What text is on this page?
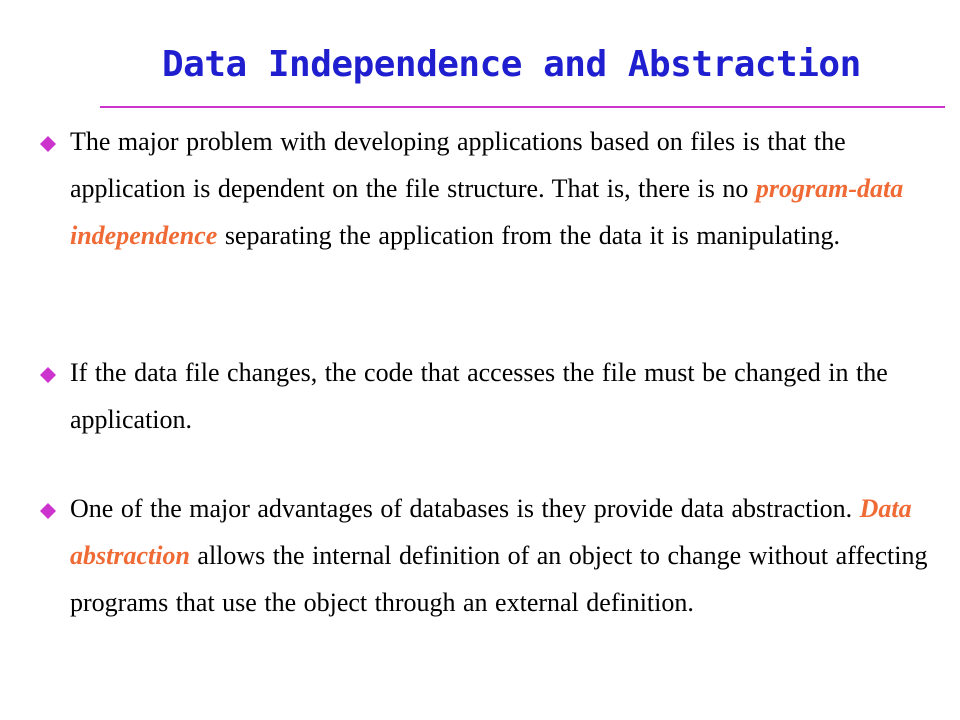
Data Independence and Abstraction
The major problem with developing applications based on files is that the application is dependent on the file structure. That is, there is no program-data independence separating the application from the data it is manipulating.
If the data file changes, the code that accesses the file must be changed in the application.
One of the major advantages of databases is they provide data abstraction. Data abstraction allows the internal definition of an object to change without affecting programs that use the object through an external definition.
